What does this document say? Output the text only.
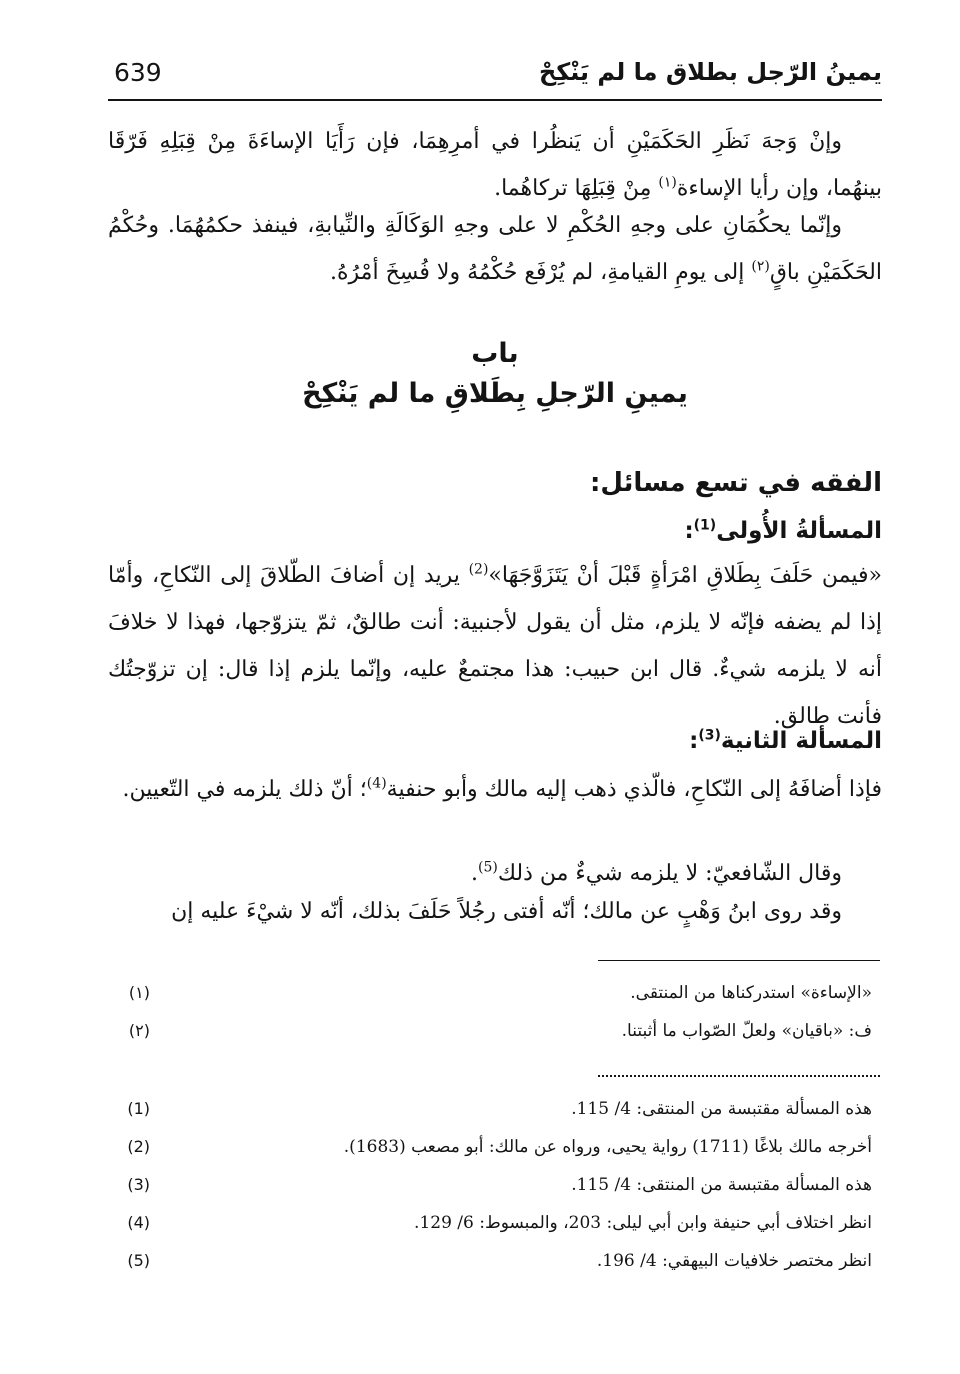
يمينُ الرّجل بطلاق ما لم يَنْكِحْ
639

وإنْ وَجهَ نَظَرِ الحَكَمَيْنِ أن يَنظُرا في أمرِهِمَا، فإن رَأَيَا الإساءَةَ مِنْ قِبَلِهِ فَرّقَا بينهُما، وإن رأيا الإساءة$^{(١)}$ مِنْ قِبَلِهَا تركاهُما.

وإنّما يحكُمَانِ على وجهِ الحُكْمِ لا على وجهِ الوَكَالَةِ والنِّيابةِ، فينفذ حكمُهُمَا. وحُكْمُ الحَكَمَيْنِ باقٍ$^{(٢)}$ إلى يومِ القيامةِ، لم يُرْفَع حُكْمُهُ ولا فُسِخَ أمْرُهُ.

باب
يمينِ الرّجلِ بِطَلاقِ ما لم يَنْكِحْ
الفقه في تسع مسائل:
المسألةُ الأُولى$^{(1)}$:

«فيمن حَلَفَ بِطَلاقِ امْرَأةٍ قَبْلَ أنْ يَتَزَوَّجَهَا»$^{(2)}$ يريد إن أضافَ الطّلاقَ إلى النّكاحِ، وأمّا إذا لم يضفه فإنّه لا يلزم، مثل أن يقول لأجنبية: أنت طالقٌ، ثمّ يتزوّجها، فهذا لا خلافَ أنه لا يلزمه شيءٌ. قال ابن حبيب: هذا مجتمعٌ عليه، وإنّما يلزم إذا قال: إن تزوّجتُك فأنت طالق.

المسألة الثانية$^{(3)}$:

فإذا أضافَهُ إلى النّكاحِ، فالّذي ذهب إليه مالك وأبو حنفية$^{(4)}$؛ أنّ ذلك يلزمه في التّعيين.

وقال الشّافعيّ: لا يلزمه شيءٌ من ذلك$^{(5)}$.

وقد روى ابنُ وَهْبٍ عن مالك؛ أنّه أفتى رجُلاً حَلَفَ بذلك، أنّه لا شيْءَ عليه إن

(١)	«الإساءة» استدركناها من المنتقى.
(٢)	ف: «باقيان» ولعلّ الصّواب ما أثبتنا.
(1)	هذه المسألة مقتبسة من المنتقى: 4/ 115.
(2)	أخرجه مالك بلاغًا (1711) رواية يحيى، ورواه عن مالك: أبو مصعب (1683).
(3)	هذه المسألة مقتبسة من المنتقى: 4/ 115.
(4)	انظر اختلاف أبي حنيفة وابن أبي ليلى: 203، والمبسوط: 6/ 129.
(5)	انظر مختصر خلافيات البيهقي: 4/ 196.
